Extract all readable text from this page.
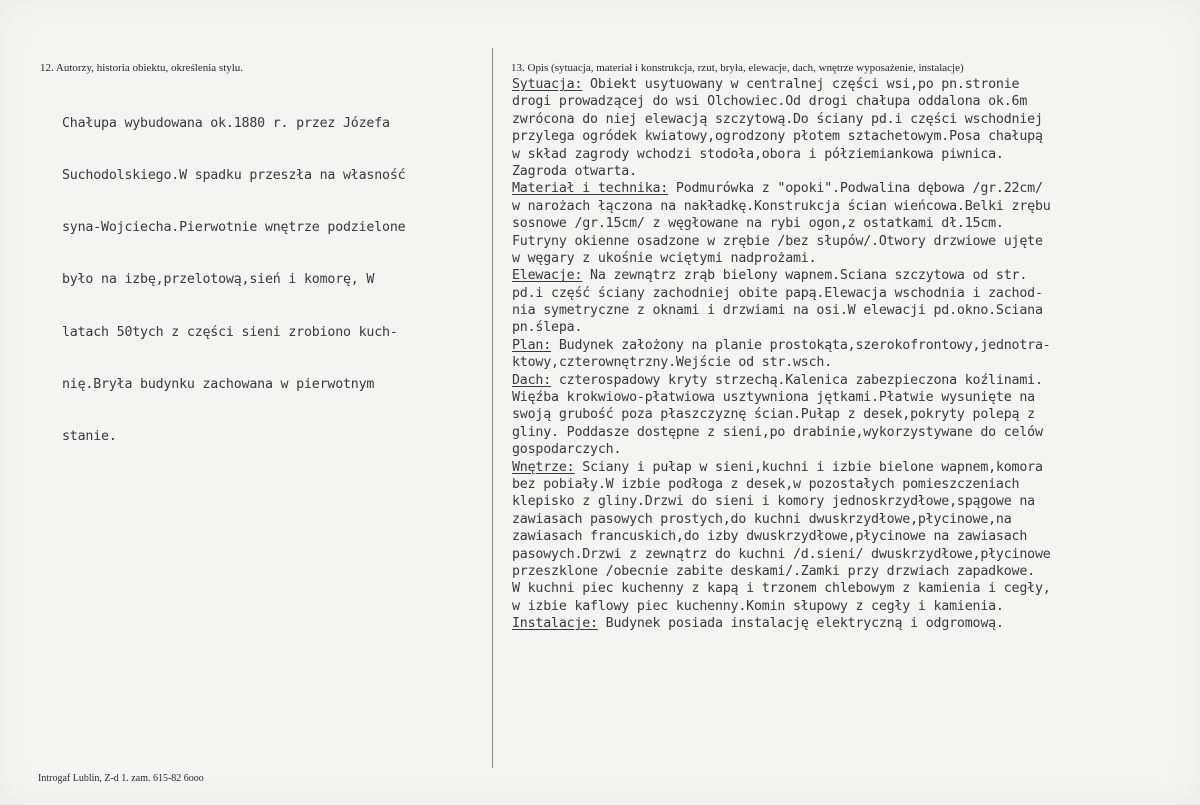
12. Autorzy, historia obiektu, określenia stylu.

Chałupa wybudowana ok.1880 r. przez Józefa

Suchodolskiego.W spadku przeszła na własność

syna-Wojciecha.Pierwotnie wnętrze podzielone

było na izbę,przelotową,sień i komorę, W

latach 50tych z części sieni zrobiono kuch-

nię.Bryła budynku zachowana w pierwotnym

stanie.

13. Opis (sytuacja, materiał i konstrukcja, rzut, bryła, elewacje, dach, wnętrze wyposażenie, instalacje)
Sytuacja: Obiekt usytuowany w centralnej części wsi,po pn.stronie
drogi prowadzącej do wsi Olchowiec.Od drogi chałupa oddalona ok.6m
zwrócona do niej elewacją szczytową.Do ściany pd.i części wschodniej
przylega ogródek kwiatowy,ogrodzony płotem sztachetowym.Posa chałupą
w skład zagrody wchodzi stodoła,obora i półziemiankowa piwnica.
Zagroda otwarta.
Materiał i technika: Podmurówka z "opoki".Podwalina dębowa /gr.22cm/
w narożach łączona na nakładkę.Konstrukcja ścian wieńcowa.Belki zrębu
sosnowe /gr.15cm/ z węgłowane na rybi ogon,z ostatkami dł.15cm.
Futryny okienne osadzone w zrębie /bez słupów/.Otwory drzwiowe ujęte
w węgary z ukośnie wciętymi nadprożami.
Elewacje: Na zewnątrz zrąb bielony wapnem.Sciana szczytowa od str.
pd.i część ściany zachodniej obite papą.Elewacja wschodnia i zachod-
nia symetryczne z oknami i drzwiami na osi.W elewacji pd.okno.Sciana
pn.ślepa.
Plan: Budynek założony na planie prostokąta,szerokofrontowy,jednotra-
ktowy,czterownętrzny.Wejście od str.wsch.
Dach: czterospadowy kryty strzechą.Kalenica zabezpieczona koźlinami.
Więźba krokwiowo-płatwiowa usztywniona jętkami.Płatwie wysunięte na
swoją grubość poza płaszczyznę ścian.Pułap z desek,pokryty polepą z
gliny. Poddasze dostępne z sieni,po drabinie,wykorzystywane do celów
gospodarczych.
Wnętrze: Sciany i pułap w sieni,kuchni i izbie bielone wapnem,komora
bez pobiały.W izbie podłoga z desek,w pozostałych pomieszczeniach
klepisko z gliny.Drzwi do sieni i komory jednoskrzydłowe,spągowe na
zawiasach pasowych prostych,do kuchni dwuskrzydłowe,płycinowe,na
zawiasach francuskich,do izby dwuskrzydłowe,płycinowe na zawiasach
pasowych.Drzwi z zewnątrz do kuchni /d.sieni/ dwuskrzydłowe,płycinowe
przeszklone /obecnie zabite deskami/.Zamki przy drzwiach zapadkowe.
W kuchni piec kuchenny z kapą i trzonem chlebowym z kamienia i cegły,
w izbie kaflowy piec kuchenny.Komin słupowy z cegły i kamienia.
Instalacje: Budynek posiada instalację elektryczną i odgromową.
Introgaf Lublin, Z-d 1. zam. 615-82 6ooo
